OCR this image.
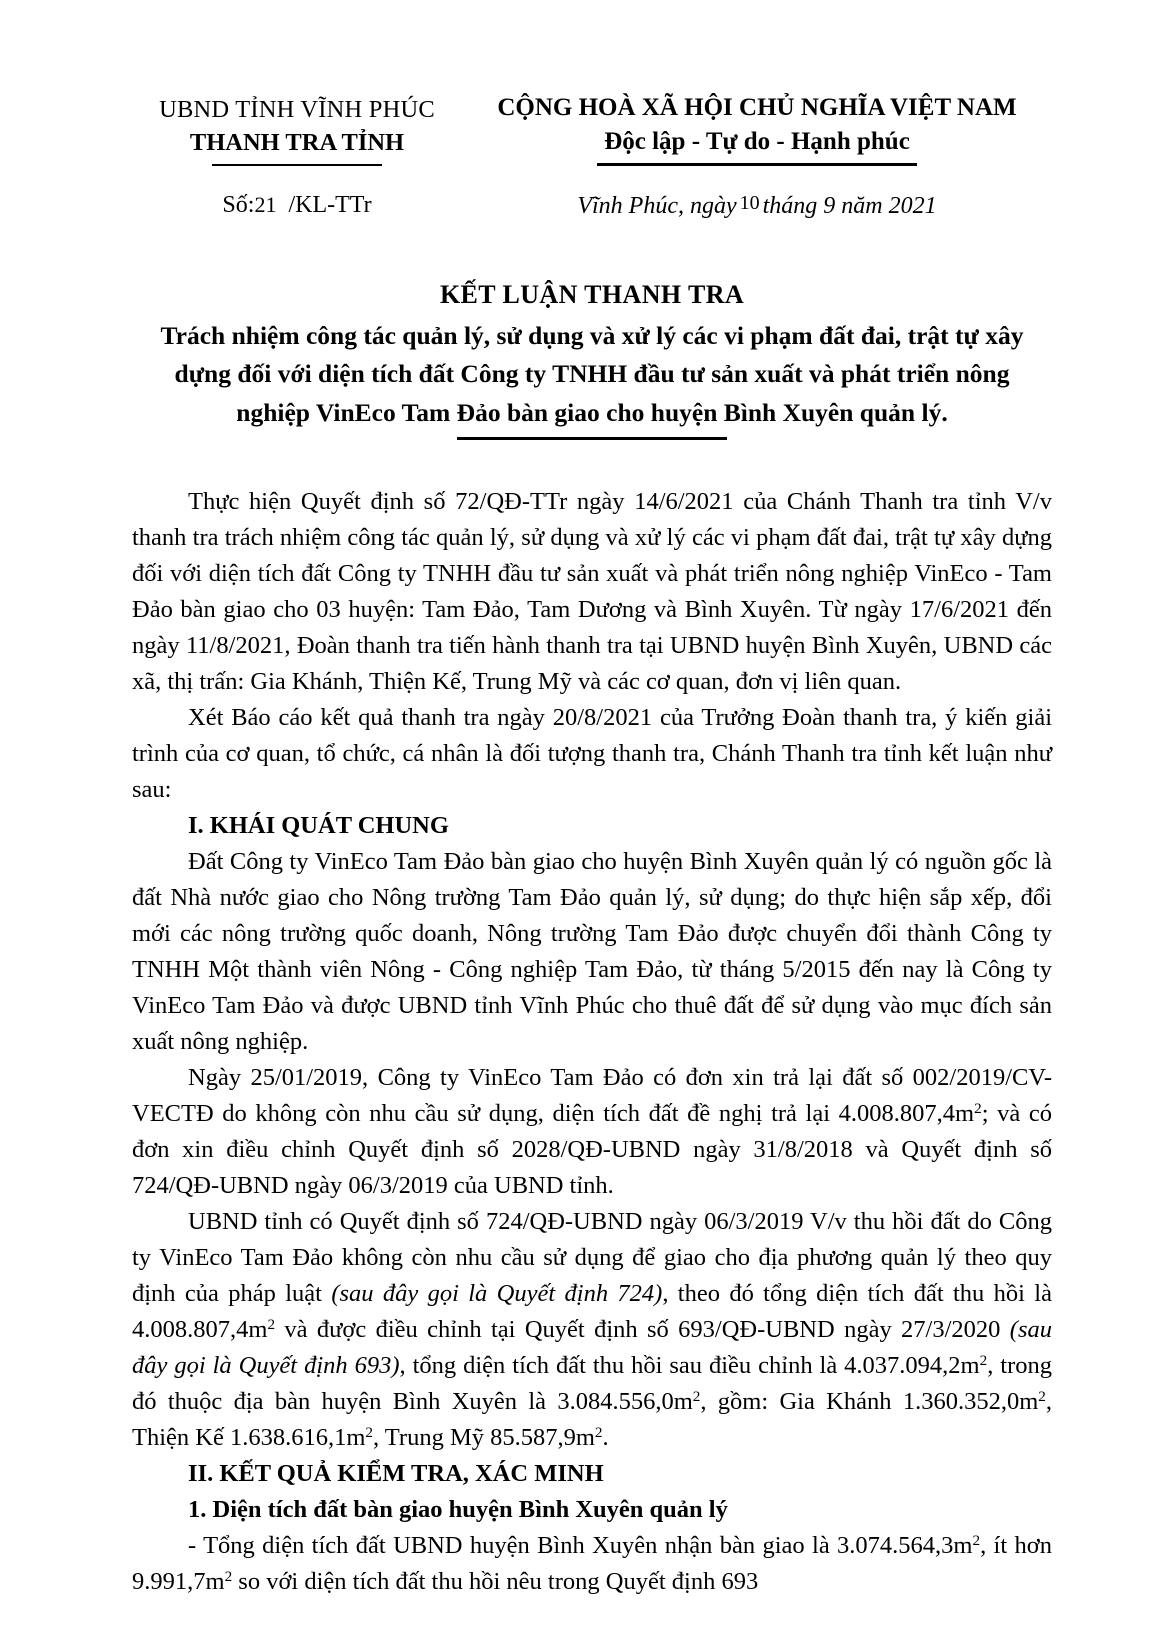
UBND TỈNH VĨNH PHÚC
THANH TRA TỈNH
Số:21 /KL-TTr
CỘNG HOÀ XÃ HỘI CHỦ NGHĨA VIỆT NAM
Độc lập - Tự do - Hạnh phúc
Vĩnh Phúc, ngày 10 tháng 9 năm 2021
KẾT LUẬN THANH TRA
Trách nhiệm công tác quản lý, sử dụng và xử lý các vi phạm đất đai, trật tự xây
dựng đối với diện tích đất Công ty TNHH đầu tư sản xuất và phát triển nông
nghiệp VinEco Tam Đảo bàn giao cho huyện Bình Xuyên quản lý.

Thực hiện Quyết định số 72/QĐ-TTr ngày 14/6/2021 của Chánh Thanh tra tỉnh V/v thanh tra trách nhiệm công tác quản lý, sử dụng và xử lý các vi phạm đất đai, trật tự xây dựng đối với diện tích đất Công ty TNHH đầu tư sản xuất và phát triển nông nghiệp VinEco - Tam Đảo bàn giao cho 03 huyện: Tam Đảo, Tam Dương và Bình Xuyên. Từ ngày 17/6/2021 đến ngày 11/8/2021, Đoàn thanh tra tiến hành thanh tra tại UBND huyện Bình Xuyên, UBND các xã, thị trấn: Gia Khánh, Thiện Kế, Trung Mỹ và các cơ quan, đơn vị liên quan.

Xét Báo cáo kết quả thanh tra ngày 20/8/2021 của Trưởng Đoàn thanh tra, ý kiến giải trình của cơ quan, tổ chức, cá nhân là đối tượng thanh tra, Chánh Thanh tra tỉnh kết luận như sau:

I. KHÁI QUÁT CHUNG

Đất Công ty VinEco Tam Đảo bàn giao cho huyện Bình Xuyên quản lý có nguồn gốc là đất Nhà nước giao cho Nông trường Tam Đảo quản lý, sử dụng; do thực hiện sắp xếp, đổi mới các nông trường quốc doanh, Nông trường Tam Đảo được chuyển đổi thành Công ty TNHH Một thành viên Nông - Công nghiệp Tam Đảo, từ tháng 5/2015 đến nay là Công ty VinEco Tam Đảo và được UBND tỉnh Vĩnh Phúc cho thuê đất để sử dụng vào mục đích sản xuất nông nghiệp.

Ngày 25/01/2019, Công ty VinEco Tam Đảo có đơn xin trả lại đất số 002/2019/CV-VECTĐ do không còn nhu cầu sử dụng, diện tích đất đề nghị trả lại $4.008.807,4m^2$; và có đơn xin điều chỉnh Quyết định số 2028/QĐ-UBND ngày 31/8/2018 và Quyết định số 724/QĐ-UBND ngày 06/3/2019 của UBND tỉnh.

UBND tỉnh có Quyết định số 724/QĐ-UBND ngày 06/3/2019 V/v thu hồi đất do Công ty VinEco Tam Đảo không còn nhu cầu sử dụng để giao cho địa phương quản lý theo quy định của pháp luật (sau đây gọi là Quyết định 724), theo đó tổng diện tích đất thu hồi là $4.008.807,4m^2$ và được điều chỉnh tại Quyết định số 693/QĐ-UBND ngày 27/3/2020 (sau đây gọi là Quyết định 693), tổng diện tích đất thu hồi sau điều chỉnh là $4.037.094,2m^2$, trong đó thuộc địa bàn huyện Bình Xuyên là $3.084.556,0m^2$, gồm: Gia Khánh $1.360.352,0m^2$, Thiện Kế $1.638.616,1m^2$, Trung Mỹ $85.587,9m^2$.

II. KẾT QUẢ KIỂM TRA, XÁC MINH

1. Diện tích đất bàn giao huyện Bình Xuyên quản lý

- Tổng diện tích đất UBND huyện Bình Xuyên nhận bàn giao là $3.074.564,3m^2$, ít hơn $9.991,7m^2$ so với diện tích đất thu hồi nêu trong Quyết định 693
